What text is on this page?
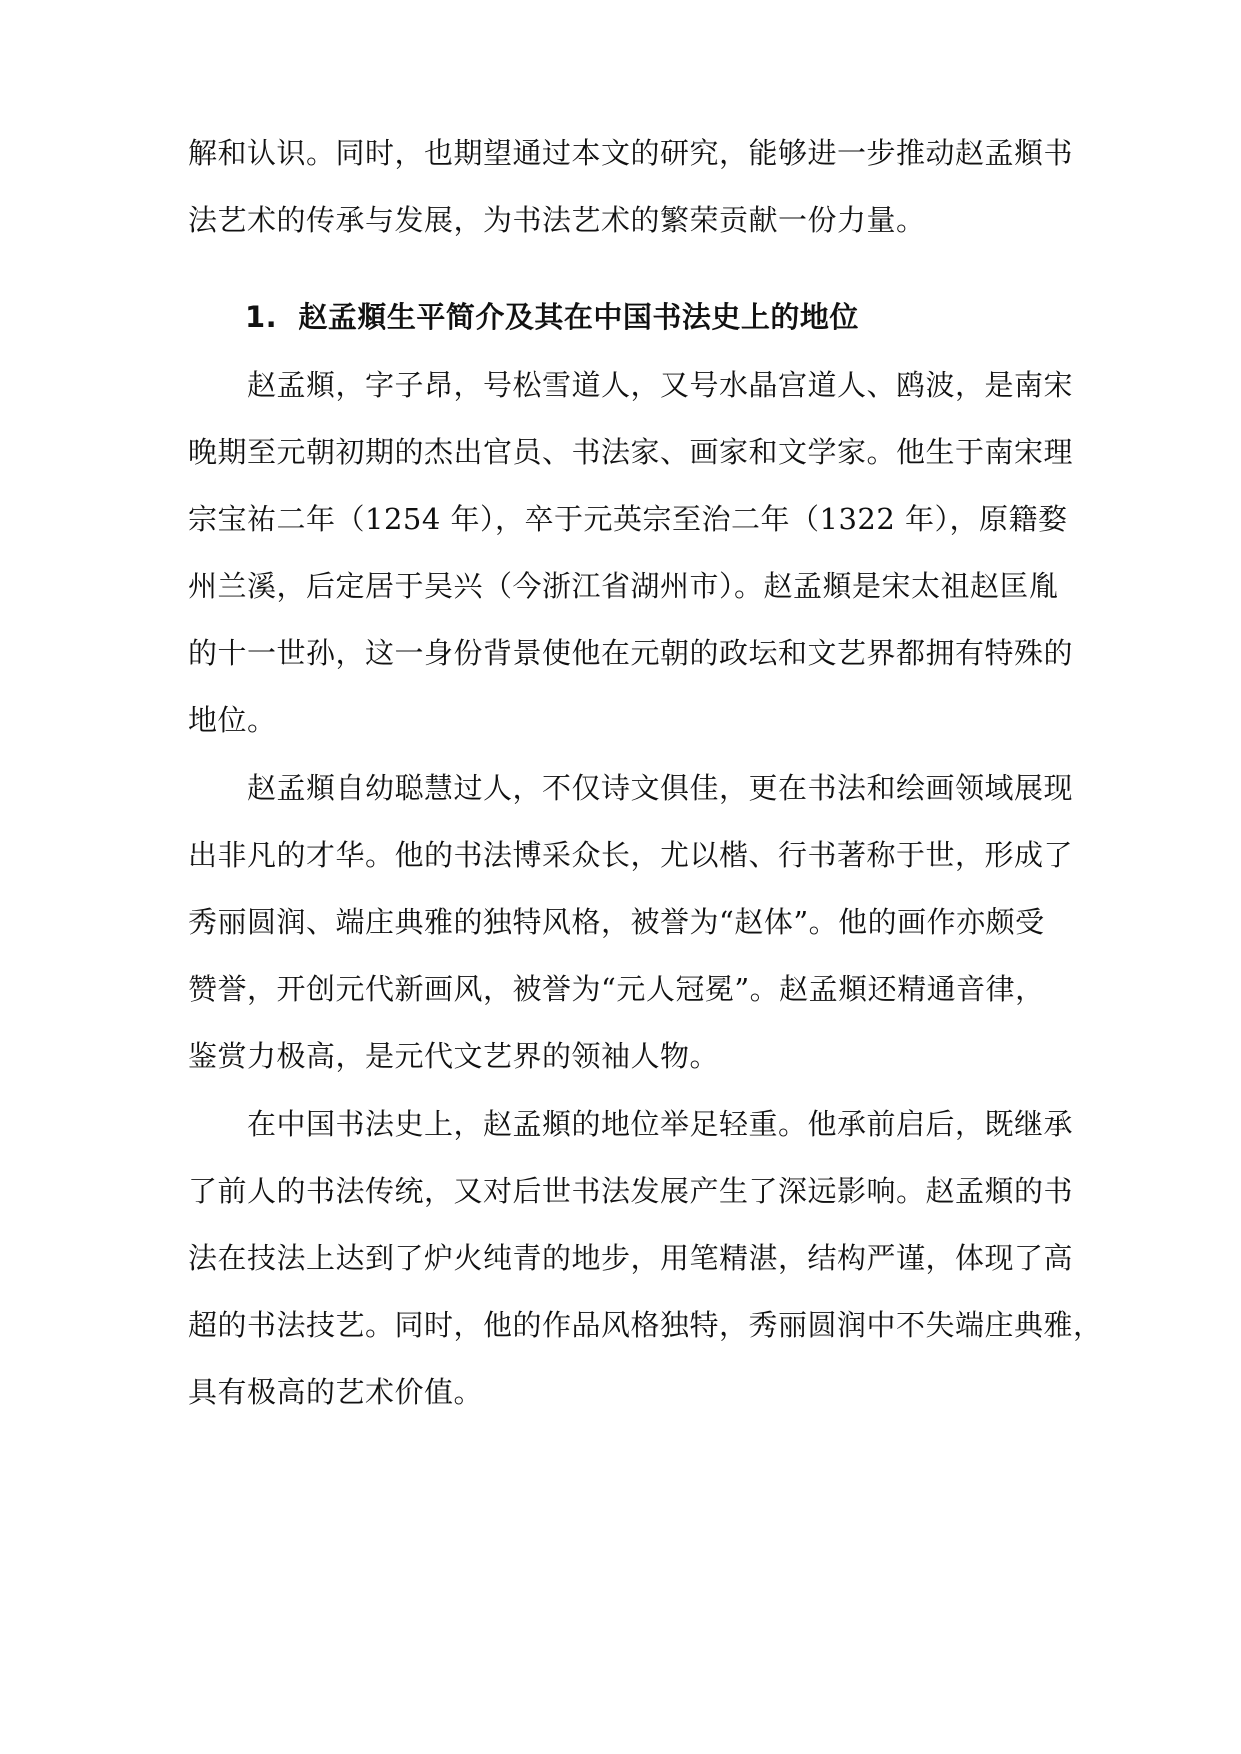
解和认识。同时，也期望通过本文的研究，能够进一步推动赵孟頫书
法艺术的传承与发展，为书法艺术的繁荣贡献一份力量。
1. 赵孟頫生平简介及其在中国书法史上的地位
赵孟頫，字子昂，号松雪道人，又号水晶宫道人、鸥波，是南宋
晚期至元朝初期的杰出官员、书法家、画家和文学家。他生于南宋理
宗宝祐二年（1254 年），卒于元英宗至治二年（1322 年），原籍婺
州兰溪，后定居于吴兴（今浙江省湖州市）。赵孟頫是宋太祖赵匡胤
的十一世孙，这一身份背景使他在元朝的政坛和文艺界都拥有特殊的
地位。
赵孟頫自幼聪慧过人，不仅诗文俱佳，更在书法和绘画领域展现
出非凡的才华。他的书法博采众长，尤以楷、行书著称于世，形成了
秀丽圆润、端庄典雅的独特风格，被誉为“赵体”。他的画作亦颇受
赞誉，开创元代新画风，被誉为“元人冠冕”。赵孟頫还精通音律，
鉴赏力极高，是元代文艺界的领袖人物。
在中国书法史上，赵孟頫的地位举足轻重。他承前启后，既继承
了前人的书法传统，又对后世书法发展产生了深远影响。赵孟頫的书
法在技法上达到了炉火纯青的地步，用笔精湛，结构严谨，体现了高
超的书法技艺。同时，他的作品风格独特，秀丽圆润中不失端庄典雅，
具有极高的艺术价值。
